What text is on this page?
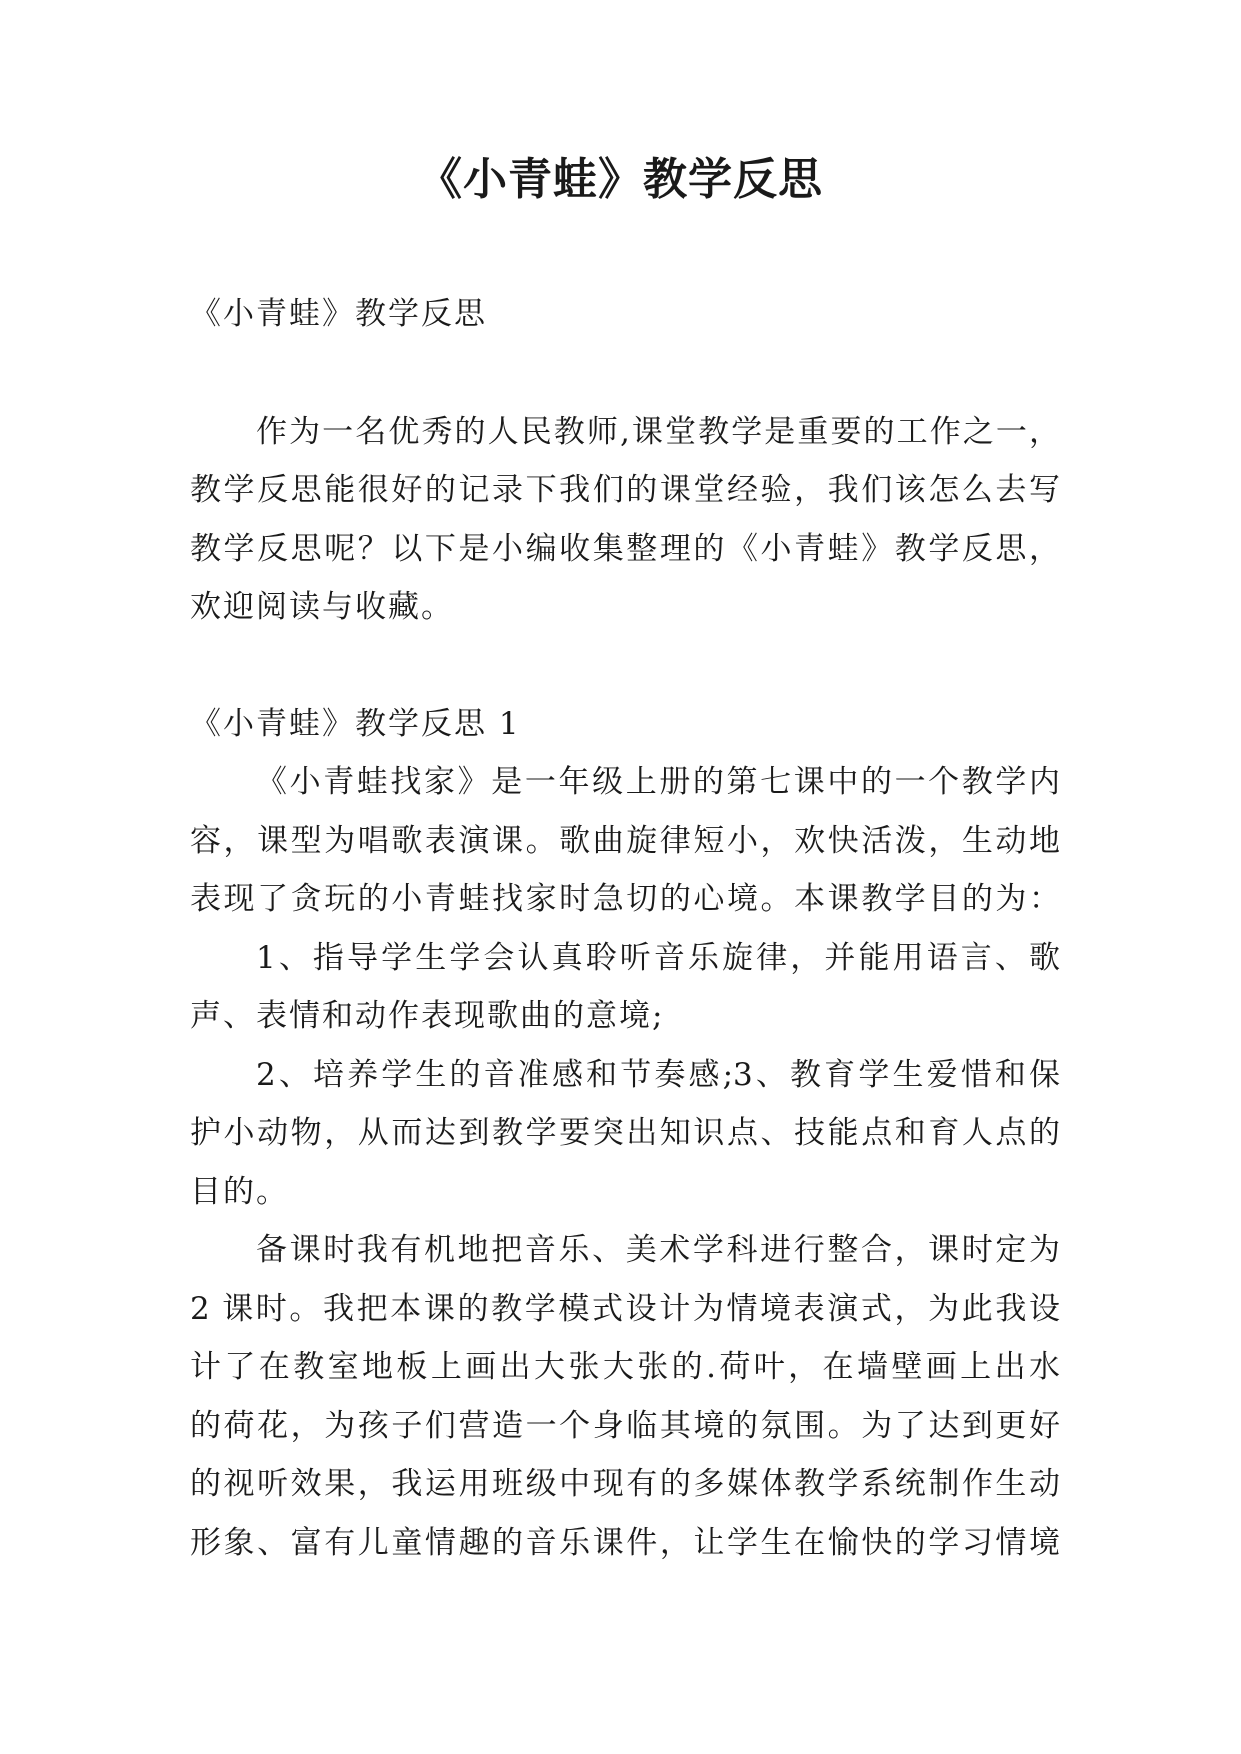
《小青蛙》教学反思
《小青蛙》教学反思
作为一名优秀的人民教师,课堂教学是重要的工作之一，
教学反思能很好的记录下我们的课堂经验，我们该怎么去写
教学反思呢？以下是小编收集整理的《小青蛙》教学反思，
欢迎阅读与收藏。
《小青蛙》教学反思 1
《小青蛙找家》是一年级上册的第七课中的一个教学内
容，课型为唱歌表演课。歌曲旋律短小，欢快活泼，生动地
表现了贪玩的小青蛙找家时急切的心境。本课教学目的为：
1、指导学生学会认真聆听音乐旋律，并能用语言、歌
声、表情和动作表现歌曲的意境;
2、培养学生的音准感和节奏感;3、教育学生爱惜和保
护小动物，从而达到教学要突出知识点、技能点和育人点的
目的。
备课时我有机地把音乐、美术学科进行整合，课时定为
2 课时。我把本课的教学模式设计为情境表演式，为此我设
计了在教室地板上画出大张大张的.荷叶，在墙壁画上出水
的荷花，为孩子们营造一个身临其境的氛围。为了达到更好
的视听效果，我运用班级中现有的多媒体教学系统制作生动
形象、富有儿童情趣的音乐课件，让学生在愉快的学习情境
